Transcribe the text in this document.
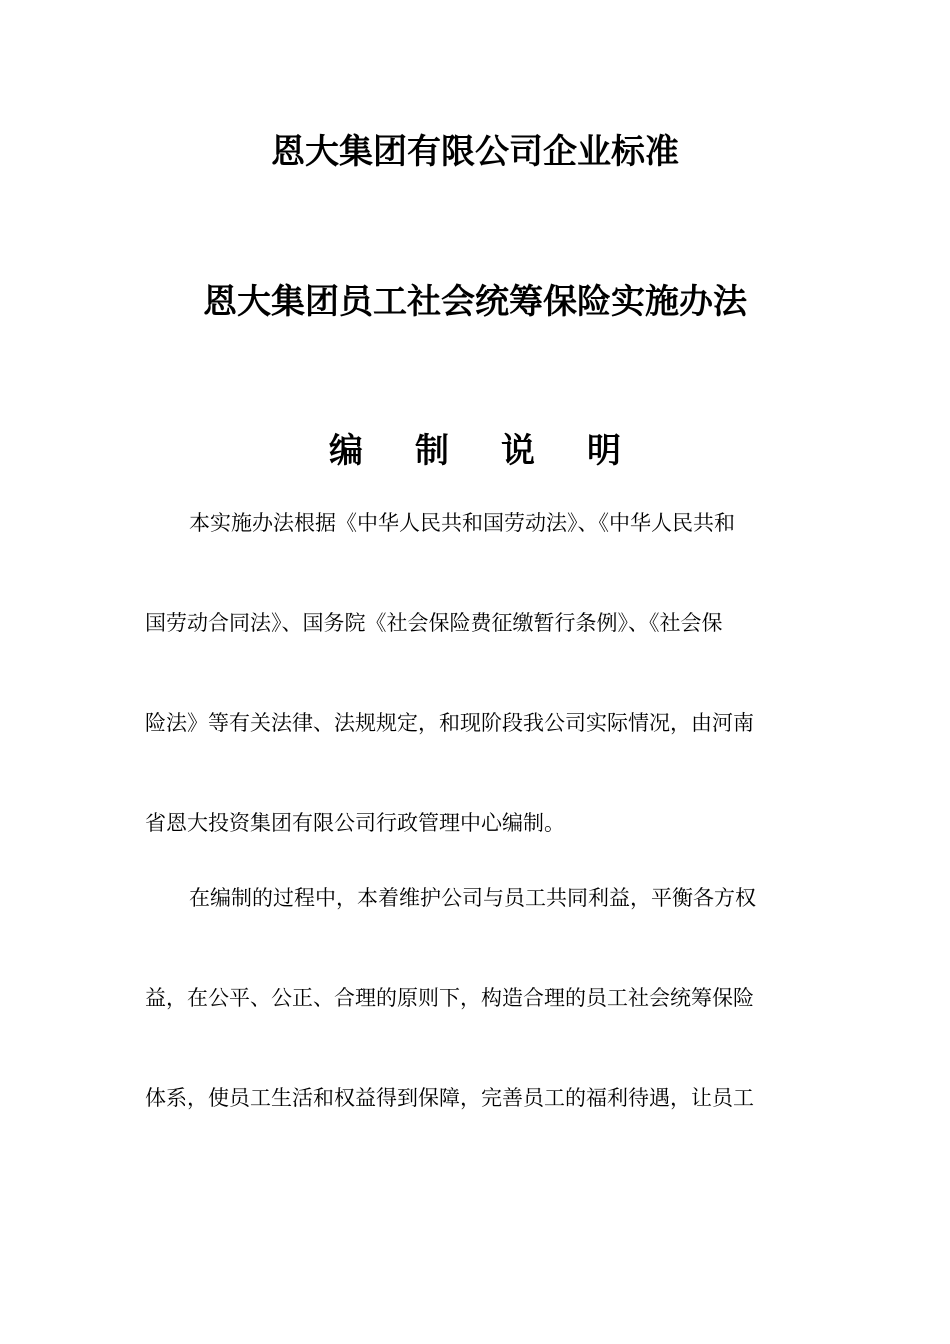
恩大集团有限公司企业标准
恩大集团员工社会统筹保险实施办法
编制说明
本实施办法根据《中华人民共和国劳动法》、《中华人民共和
国劳动合同法》、国务院《社会保险费征缴暂行条例》、《社会保
险法》等有关法律、法规规定，和现阶段我公司实际情况，由河南
省恩大投资集团有限公司行政管理中心编制。
在编制的过程中，本着维护公司与员工共同利益，平衡各方权
益，在公平、公正、合理的原则下，构造合理的员工社会统筹保险
体系，使员工生活和权益得到保障，完善员工的福利待遇，让员工
